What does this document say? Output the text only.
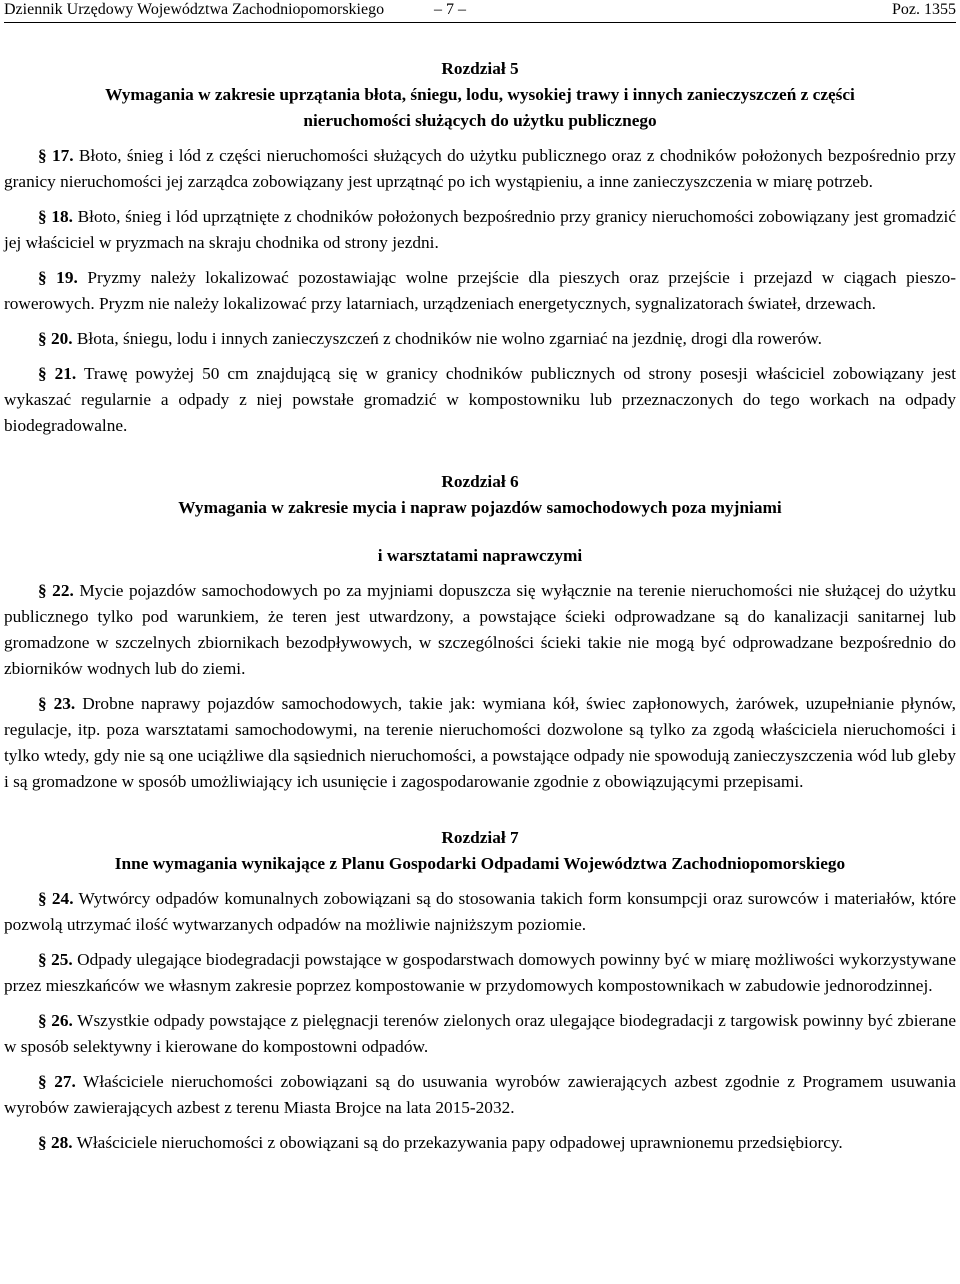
Dziennik Urzędowy Województwa Zachodniopomorskiego	– 7 –	Poz. 1355
Rozdział 5
Wymagania w zakresie uprzątania błota, śniegu, lodu, wysokiej trawy i innych zanieczyszczeń z części
nieruchomości służących do użytku publicznego

§ 17. Błoto, śnieg i lód z części nieruchomości służących do użytku publicznego oraz z chodników położonych bezpośrednio przy granicy nieruchomości jej zarządca zobowiązany jest uprzątnąć po ich wystąpieniu, a inne zanieczyszczenia w miarę potrzeb.

§ 18. Błoto, śnieg i lód uprzątnięte z chodników położonych bezpośrednio przy granicy nieruchomości zobowiązany jest gromadzić jej właściciel w pryzmach na skraju chodnika od strony jezdni.

§ 19. Pryzmy należy lokalizować pozostawiając wolne przejście dla pieszych oraz przejście i przejazd w ciągach pieszo-rowerowych. Pryzm nie należy lokalizować przy latarniach, urządzeniach energetycznych, sygnalizatorach świateł, drzewach.

§ 20. Błota, śniegu, lodu i innych zanieczyszczeń z chodników nie wolno zgarniać na jezdnię, drogi dla rowerów.

§ 21. Trawę powyżej 50 cm znajdującą się w granicy chodników publicznych od strony posesji właściciel zobowiązany jest wykaszać regularnie a odpady z niej powstałe gromadzić w kompostowniku lub przeznaczonych do tego workach na odpady biodegradowalne.

Rozdział 6
Wymagania w zakresie mycia i napraw pojazdów samochodowych poza myjniami
i warsztatami naprawczymi

§ 22. Mycie pojazdów samochodowych po za myjniami dopuszcza się wyłącznie na terenie nieruchomości nie służącej do użytku publicznego tylko pod warunkiem, że teren jest utwardzony, a powstające ścieki odprowadzane są do kanalizacji sanitarnej lub gromadzone w szczelnych zbiornikach bezodpływowych, w szczególności ścieki takie nie mogą być odprowadzane bezpośrednio do zbiorników wodnych lub do ziemi.

§ 23. Drobne naprawy pojazdów samochodowych, takie jak: wymiana kół, świec zapłonowych, żarówek, uzupełnianie płynów, regulacje, itp. poza warsztatami samochodowymi, na terenie nieruchomości dozwolone są tylko za zgodą właściciela nieruchomości i tylko wtedy, gdy nie są one uciążliwe dla sąsiednich nieruchomości, a powstające odpady nie spowodują zanieczyszczenia wód lub gleby i są gromadzone w sposób umożliwiający ich usunięcie i zagospodarowanie zgodnie z obowiązującymi przepisami.

Rozdział 7
Inne wymagania wynikające z Planu Gospodarki Odpadami Województwa Zachodniopomorskiego

§ 24. Wytwórcy odpadów komunalnych zobowiązani są do stosowania takich form konsumpcji oraz surowców i materiałów, które pozwolą utrzymać ilość wytwarzanych odpadów na możliwie najniższym poziomie.

§ 25. Odpady ulegające biodegradacji powstające w gospodarstwach domowych powinny być w miarę możliwości wykorzystywane przez mieszkańców we własnym zakresie poprzez kompostowanie w przydomowych kompostownikach w zabudowie jednorodzinnej.

§ 26. Wszystkie odpady powstające z pielęgnacji terenów zielonych oraz ulegające biodegradacji z targowisk powinny być zbierane w sposób selektywny i kierowane do kompostowni odpadów.

§ 27. Właściciele nieruchomości zobowiązani są do usuwania wyrobów zawierających azbest zgodnie z Programem usuwania wyrobów zawierających azbest z terenu Miasta Brojce na lata 2015-2032.

§ 28. Właściciele nieruchomości z obowiązani są do przekazywania papy odpadowej uprawnionemu przedsiębiorcy.
